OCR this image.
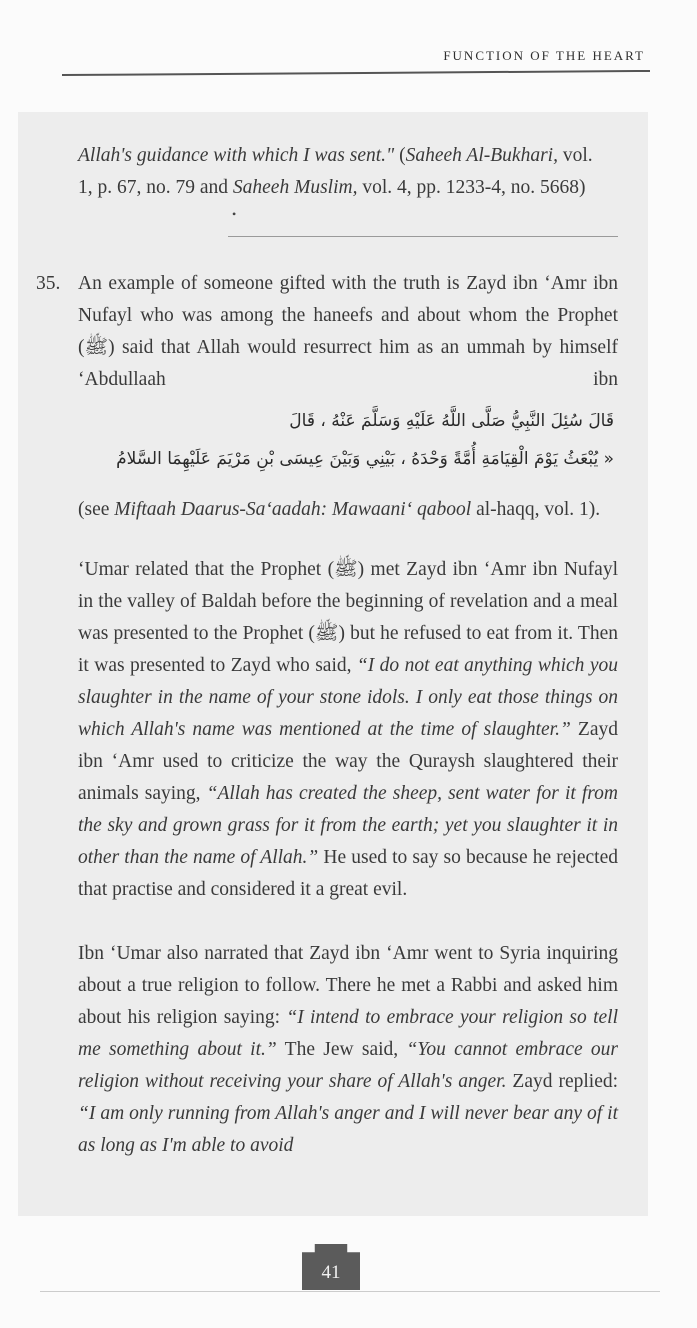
FUNCTION OF THE HEART
Allah's guidance with which I was sent." (Saheeh Al-Bukhari, vol.
1, p. 67, no. 79 and Saheeh Muslim, vol. 4, pp. 1233-4, no. 5668)
•
35. An example of someone gifted with the truth is Zayd ibn ‘Amr ibn Nufayl who was among the haneefs and about whom the Prophet (ﷺ) said that Allah would resurrect him as an ummah by himself ‘Abdullaah ibn
قَالَ سُئِلَ النَّبِيُّ صَلَّى اللَّهُ عَلَيْهِ وَسَلَّمَ عَنْهُ ، قَالَ
« يُبْعَثُ يَوْمَ الْقِيَامَةِ أُمَّةً وَحْدَهُ ، بَيْنِي وَبَيْنَ عِيسَى بْنِ مَرْيَمَ عَلَيْهِمَا السَّلامُ
(see Miftaah Daarus-Sa‘aadah: Mawaani‘ qabool al-haqq, vol. 1).
‘Umar related that the Prophet (ﷺ) met Zayd ibn ‘Amr ibn Nufayl in the valley of Baldah before the beginning of revelation and a meal was presented to the Prophet (ﷺ) but he refused to eat from it. Then it was presented to Zayd who said, “I do not eat anything which you slaughter in the name of your stone idols. I only eat those things on which Allah's name was mentioned at the time of slaughter.” Zayd ibn ‘Amr used to criticize the way the Quraysh slaughtered their animals saying, “Allah has created the sheep, sent water for it from the sky and grown grass for it from the earth; yet you slaughter it in other than the name of Allah.” He used to say so because he rejected that practise and considered it a great evil.
Ibn ‘Umar also narrated that Zayd ibn ‘Amr went to Syria inquiring about a true religion to follow. There he met a Rabbi and asked him about his religion saying: “I intend to embrace your religion so tell me something about it.” The Jew said, “You cannot embrace our religion without receiving your share of Allah's anger. Zayd replied: “I am only running from Allah's anger and I will never bear any of it as long as I'm able to avoid
41
